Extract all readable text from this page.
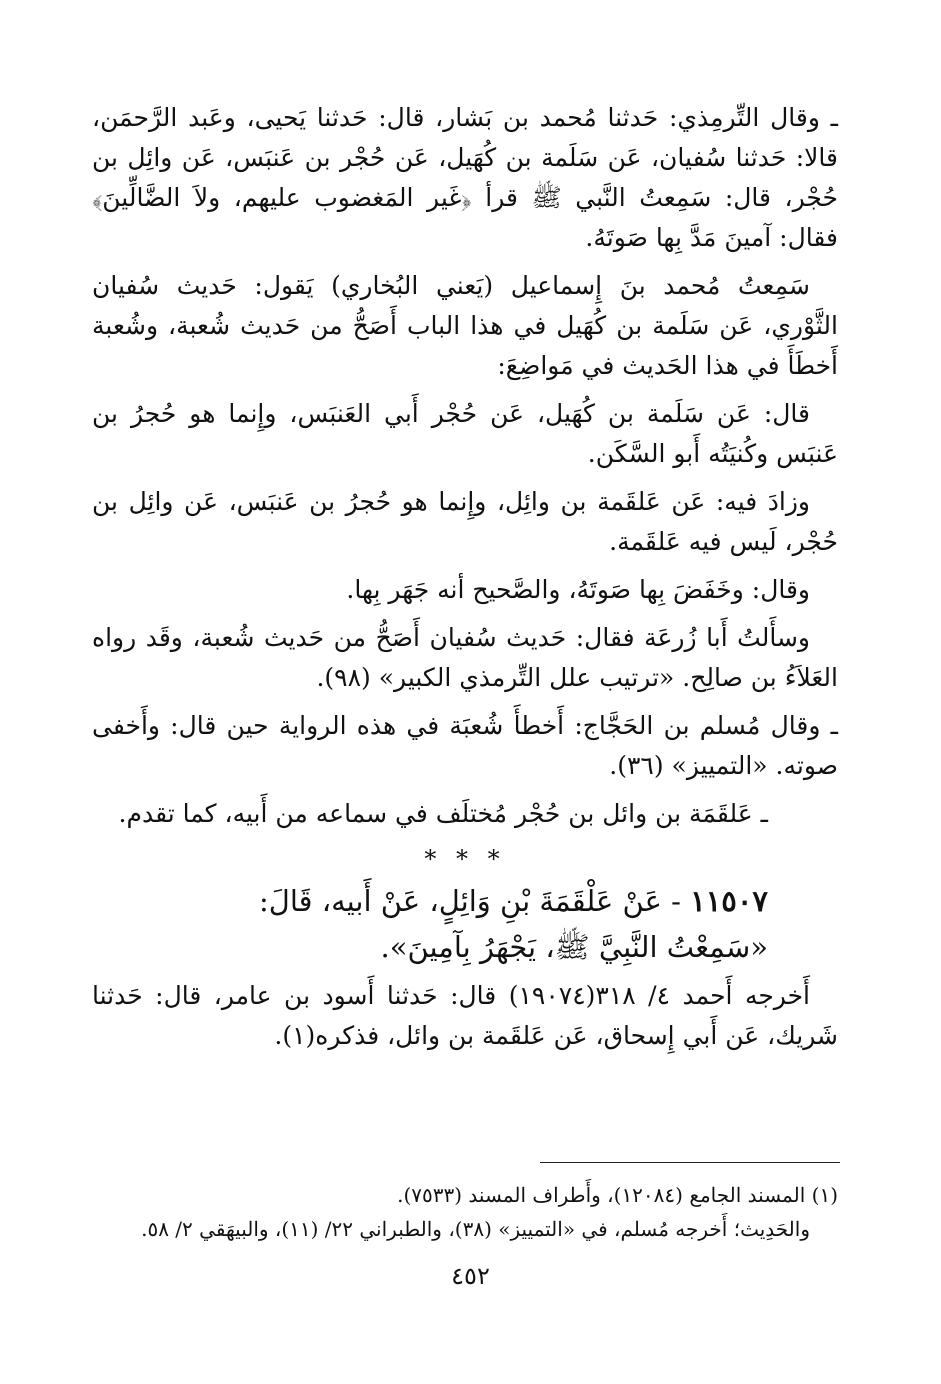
ـ وقال التِّرمِذي: حَدثنا مُحمد بن بَشار، قال: حَدثنا يَحيى، وعَبد الرَّحمَن، قالا: حَدثنا سُفيان، عَن سَلَمة بن كُهَيل، عَن حُجْر بن عَنبَس، عَن وائِل بن حُجْر، قال: سَمِعتُ النَّبي ﷺ قرأ ﴿غَير المَغضوب عليهم، ولاَ الضَّالِّينَ﴾ فقال: آمينَ مَدَّ بِها صَوتَهُ.

سَمِعتُ مُحمد بنَ إِسماعيل (يَعني البُخاري) يَقول: حَديث سُفيان الثَّوْري، عَن سَلَمة بن كُهَيل في هذا الباب أَصَحُّ من حَديث شُعبة، وشُعبة أَخطَأَ في هذا الحَديث في مَواضِعَ:

قال: عَن سَلَمة بن كُهَيل، عَن حُجْر أَبي العَنبَس، وإِنما هو حُجرُ بن عَنبَس وكُنيَتُه أَبو السَّكَن.

وزادَ فيه: عَن عَلقَمة بن وائِل، وإِنما هو حُجرُ بن عَنبَس، عَن وائِل بن حُجْر، لَيس فيه عَلقَمة.

وقال: وخَفَضَ بِها صَوتَهُ، والصَّحيح أنه جَهَر بِها.

وسأَلتُ أَبا زُرعَة فقال: حَديث سُفيان أَصَحُّ من حَديث شُعبة، وقَد رواه العَلاَءُ بن صالِح. «ترتيب علل التِّرمذي الكبير» (٩٨).

ـ وقال مُسلم بن الحَجَّاج: أَخطأَ شُعبَة في هذه الرواية حين قال: وأَخفى صوته. «التمييز» (٣٦).

ـ عَلقَمَة بن وائل بن حُجْر مُختلَف في سماعه من أَبيه، كما تقدم.

* * *

١١٥٠٧ - عَنْ عَلْقَمَةَ بْنِ وَائِلٍ، عَنْ أَبيه، قَالَ:

«سَمِعْتُ النَّبِيَّ ﷺ، يَجْهَرُ بِآمِينَ».

أَخرجه أَحمد ٤/ ٣١٨(١٩٠٧٤) قال: حَدثنا أَسود بن عامر، قال: حَدثنا شَريك، عَن أَبي إِسحاق، عَن عَلقَمة بن وائل، فذكره(١).

(١) المسند الجامع (١٢٠٨٤)، وأَطراف المسند (٧٥٣٣).

والحَدِيث؛ أَخرجه مُسلم، في «التمييز» (٣٨)، والطبراني ٢٢/ (١١)، والبيهَقي ٢/ ٥٨.

٤٥٢
